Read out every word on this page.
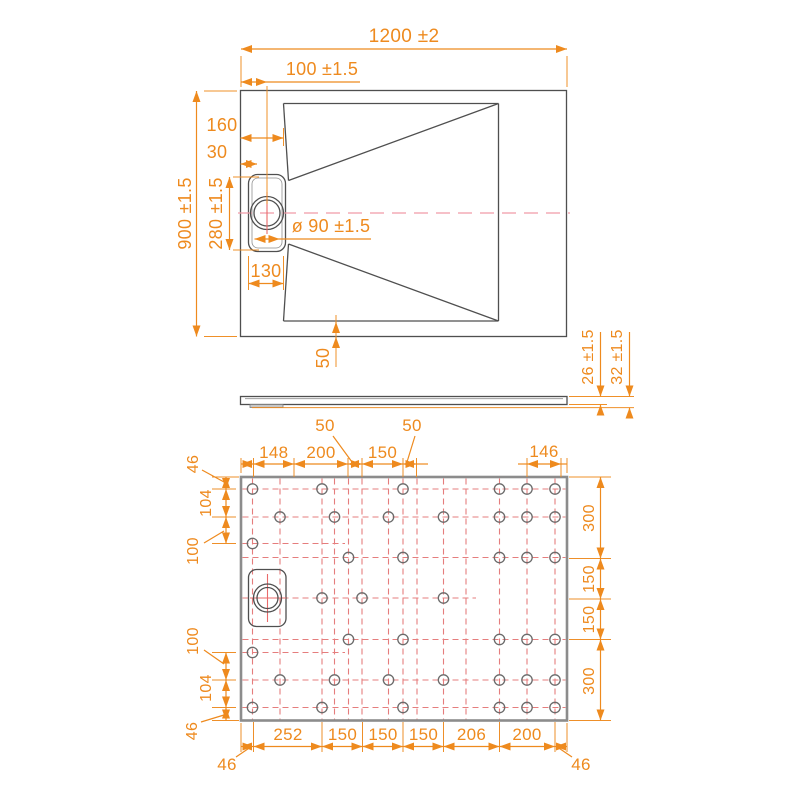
1200 ±2
100 ±1.5
900 ±1.5
160
30
280 ±1.5	ø 90 ±1.5
130
50	26 ±1.5 32 ±1.5
148 200
50
150
50
146
46
104
100
100
104
46
300
150
150
300
252 150 150 150 206 200
46	46
